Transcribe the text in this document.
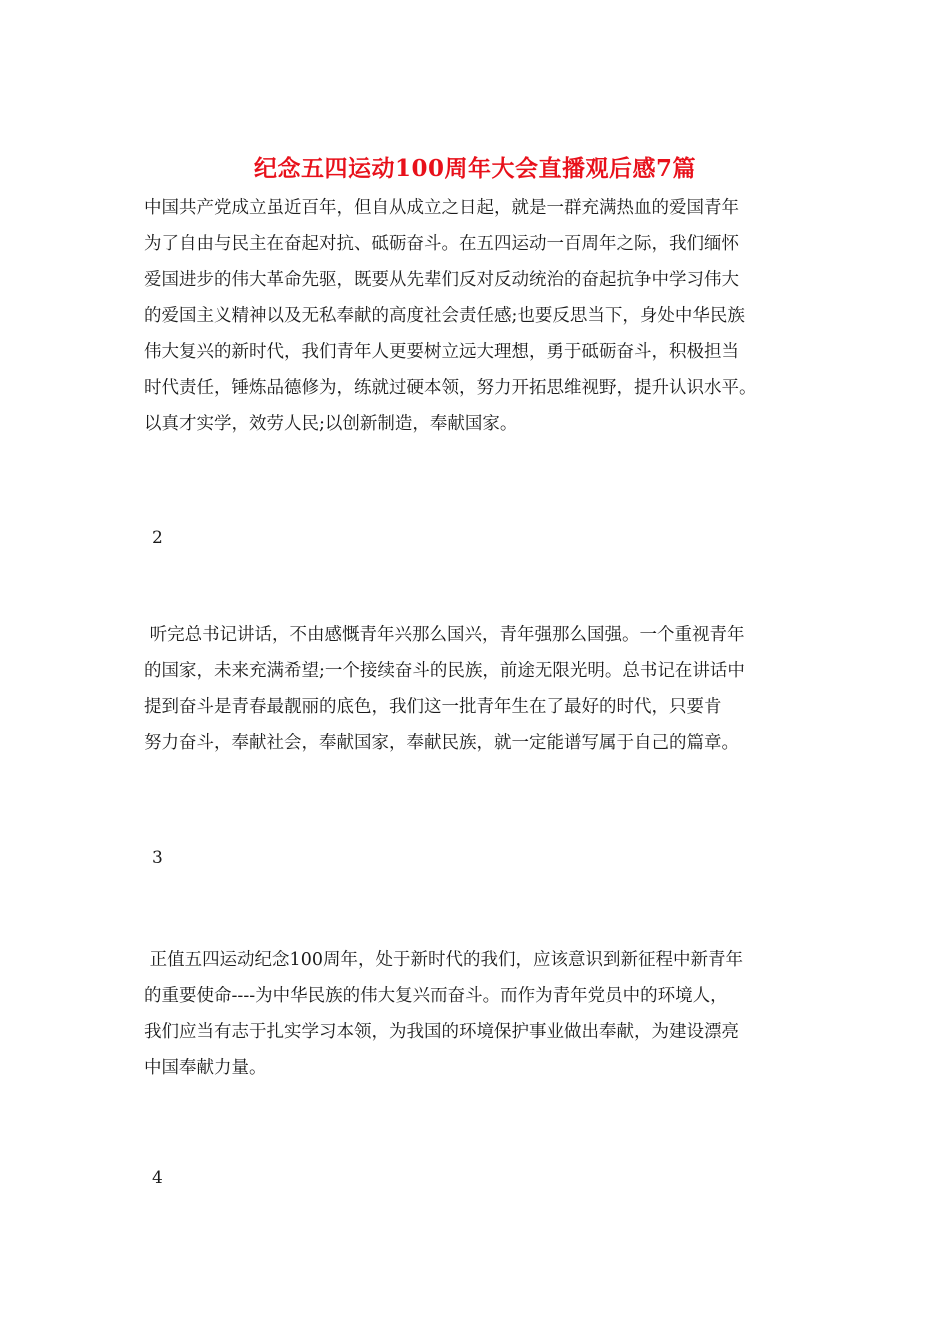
纪念五四运动100周年大会直播观后感7篇

中国共产党成立虽近百年，但自从成立之日起，就是一群充满热血的爱国青年
为了自由与民主在奋起对抗、砥砺奋斗。在五四运动一百周年之际，我们缅怀
爱国进步的伟大革命先驱，既要从先辈们反对反动统治的奋起抗争中学习伟大
的爱国主义精神以及无私奉献的高度社会责任感;也要反思当下，身处中华民族
伟大复兴的新时代，我们青年人更要树立远大理想，勇于砥砺奋斗，积极担当
时代责任，锤炼品德修为，练就过硬本领，努力开拓思维视野，提升认识水平。
以真才实学，效劳人民;以创新制造，奉献国家。

2

听完总书记讲话，不由感慨青年兴那么国兴，青年强那么国强。一个重视青年
的国家，未来充满希望;一个接续奋斗的民族，前途无限光明。总书记在讲话中
提到奋斗是青春最靓丽的底色，我们这一批青年生在了最好的时代，只要肯
努力奋斗，奉献社会，奉献国家，奉献民族，就一定能谱写属于自己的篇章。

3

正值五四运动纪念100周年，处于新时代的我们，应该意识到新征程中新青年
的重要使命----为中华民族的伟大复兴而奋斗。而作为青年党员中的环境人，
我们应当有志于扎实学习本领，为我国的环境保护事业做出奉献，为建设漂亮
中国奉献力量。

4
